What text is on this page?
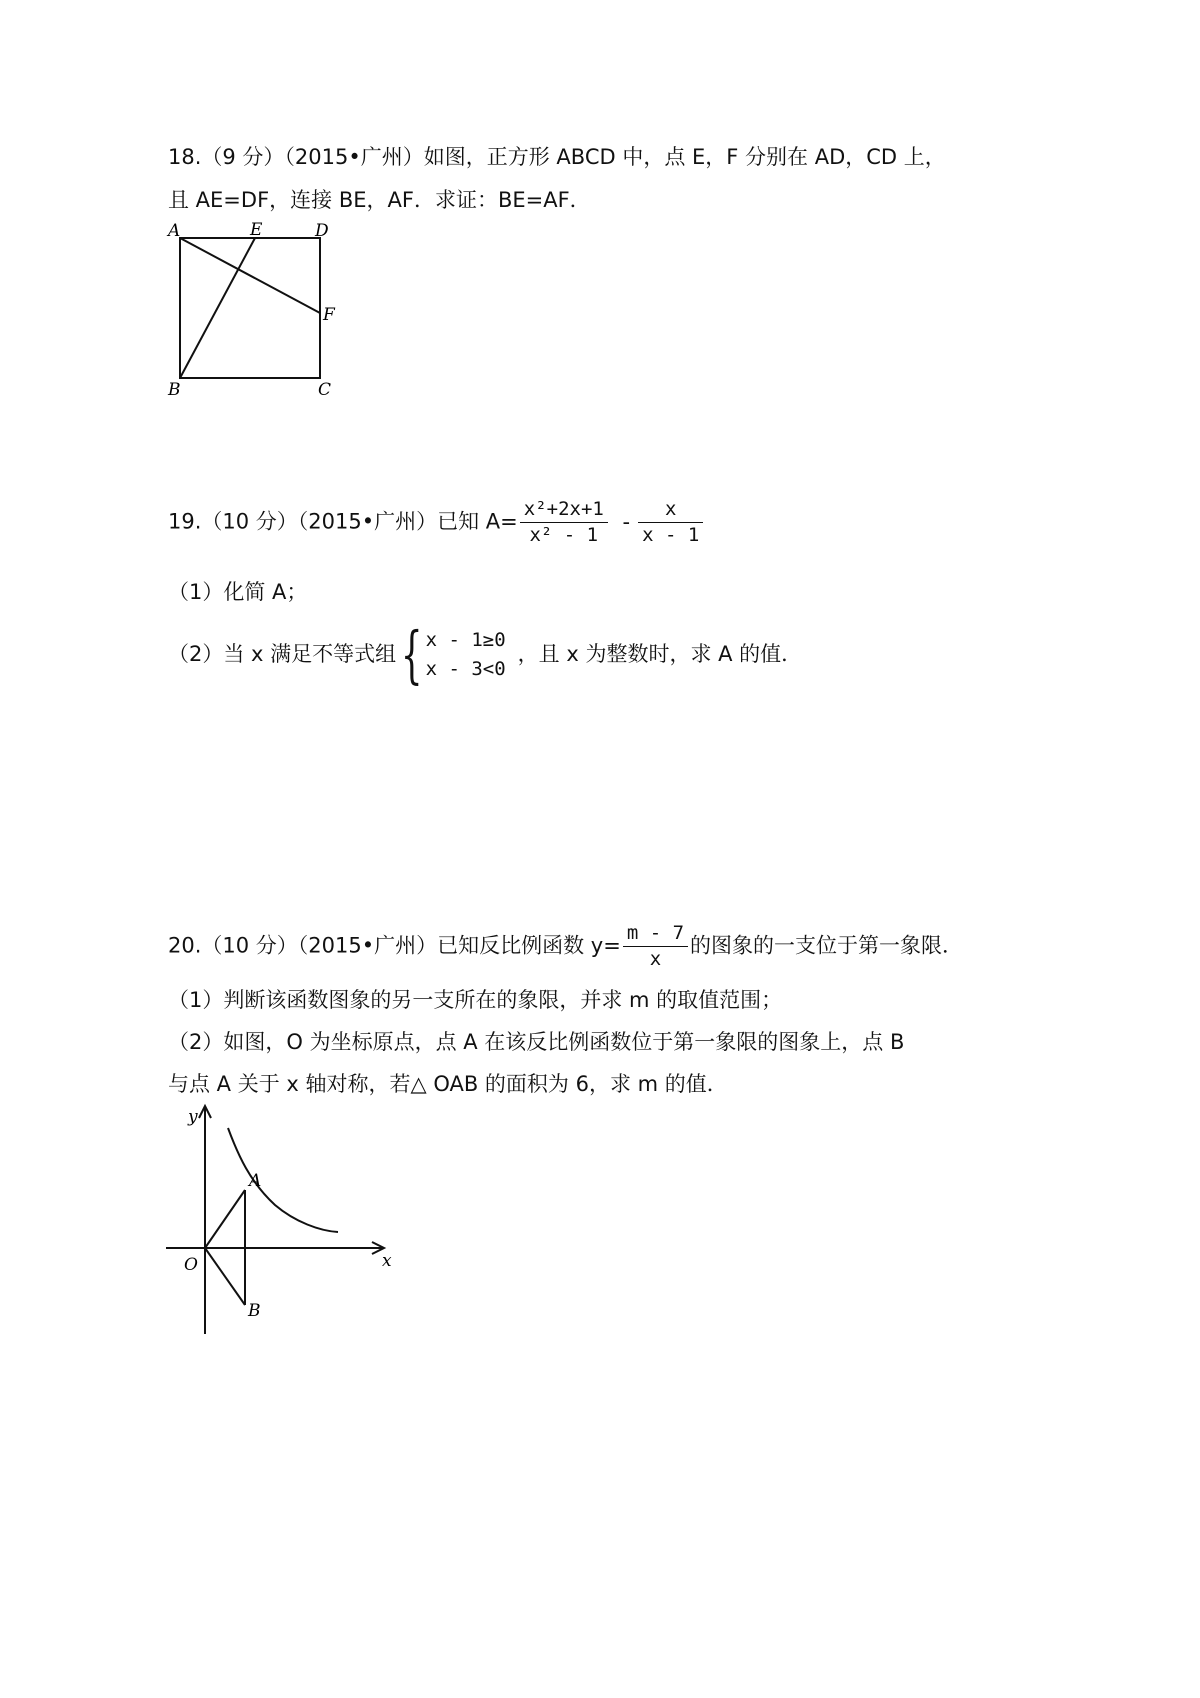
18.（9 分）（2015•广州）如图，正方形 ABCD 中，点 E，F 分别在 AD，CD 上，
且 AE=DF，连接 BE，AF．求证：BE=AF．
A	E	D
F
B	C
19.（10 分）（2015•广州）已知 $A= \frac{\text{x²+2x+1}}{\text{x² - 1}} - \frac{x}{x - 1}$
（1）化简 A；
（2）当 x 满足不等式组{ x - 1≥0
x - 3<0
，且 x 为整数时，求 A 的值．
20.（10 分）（2015•广州）已知反比例函数 $y= \frac{m - 7}{x}$ 的图象的一支位于第一象限．
（1）判断该函数图象的另一支所在的象限，并求 m 的取值范围；
（2）如图，O 为坐标原点，点 A 在该反比例函数位于第一象限的图象上，点 B
与点 A 关于 x 轴对称，若△ OAB 的面积为 6，求 m 的值．
y
x
O
A
B
